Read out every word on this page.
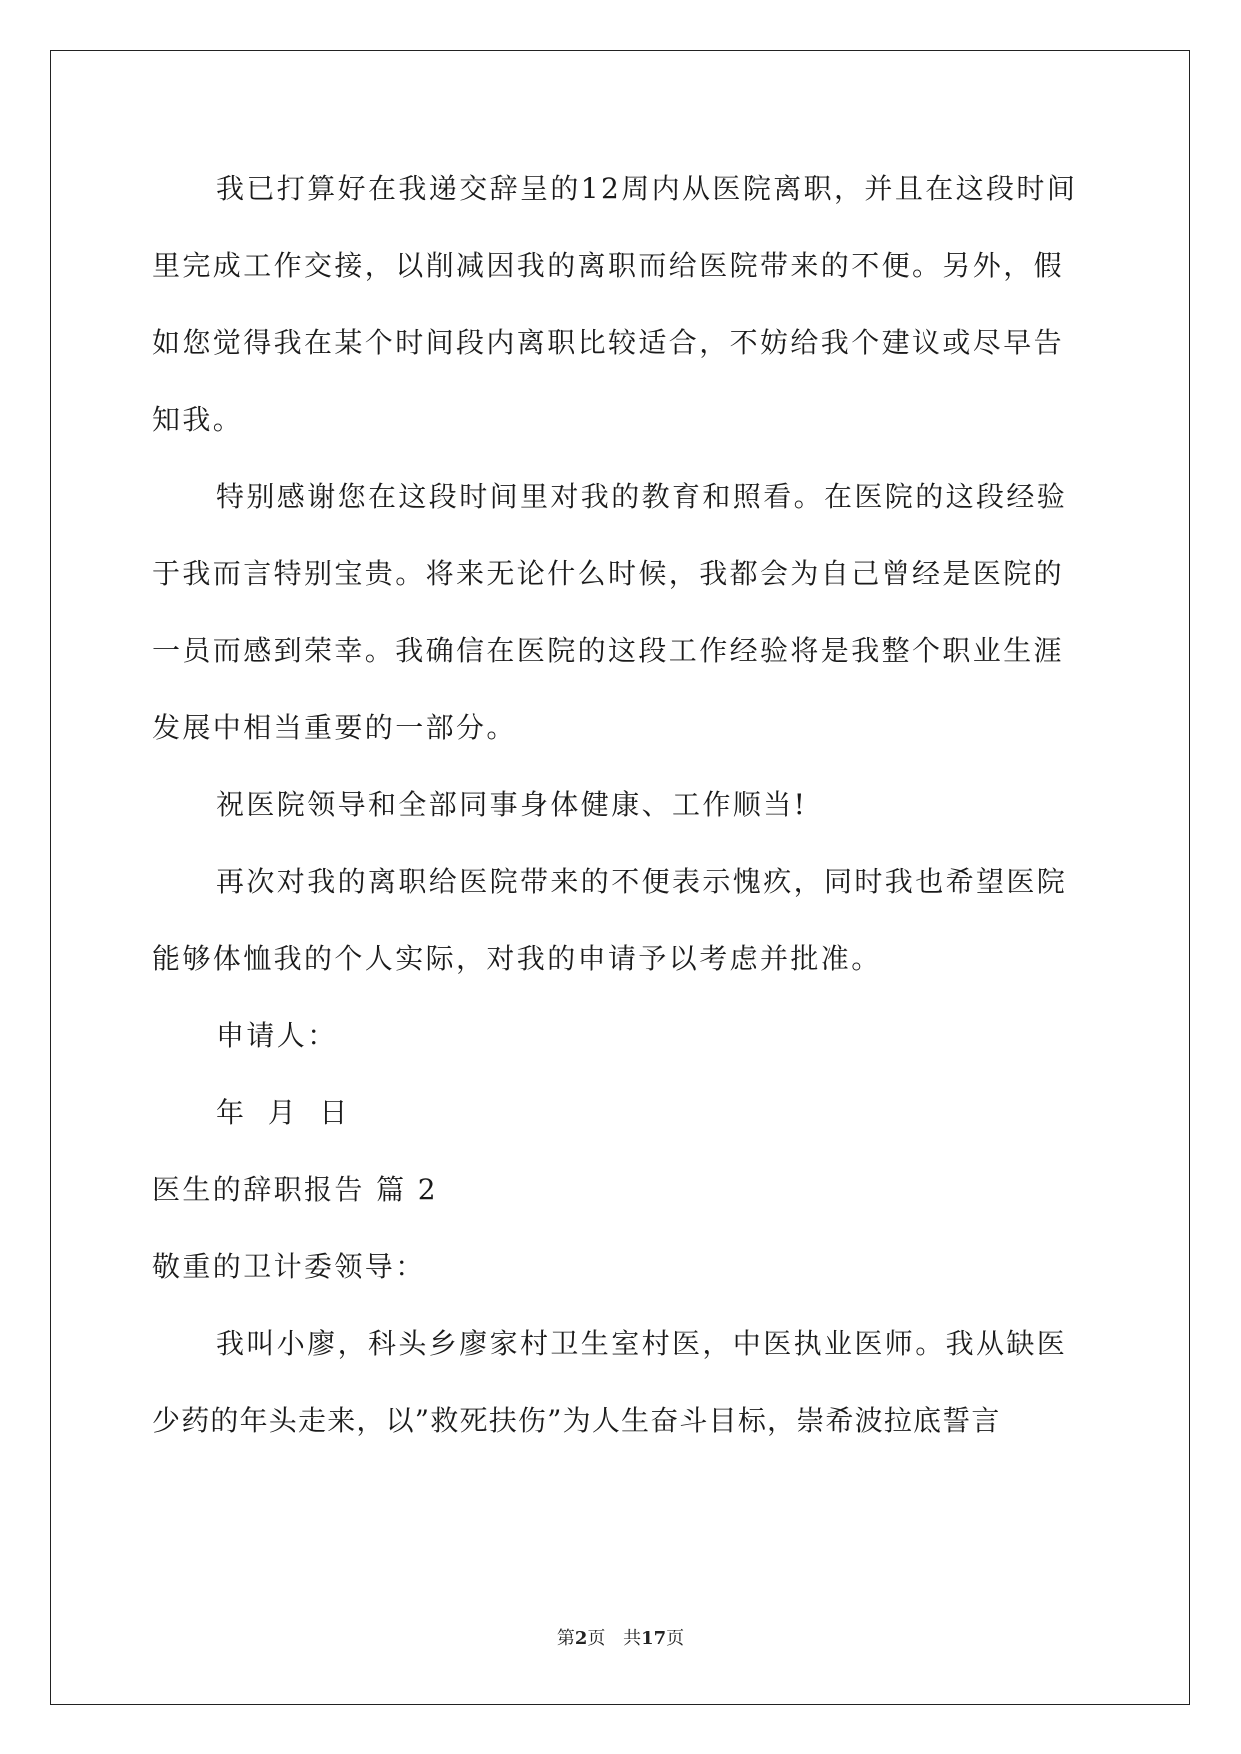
我已打算好在我递交辞呈的12周内从医院离职，并且在这段时间
里完成工作交接，以削减因我的离职而给医院带来的不便。另外，假
如您觉得我在某个时间段内离职比较适合，不妨给我个建议或尽早告
知我。
特别感谢您在这段时间里对我的教育和照看。在医院的这段经验
于我而言特别宝贵。将来无论什么时候，我都会为自己曾经是医院的
一员而感到荣幸。我确信在医院的这段工作经验将是我整个职业生涯
发展中相当重要的一部分。
祝医院领导和全部同事身体健康、工作顺当!
再次对我的离职给医院带来的不便表示愧疚，同时我也希望医院
能够体恤我的个人实际，对我的申请予以考虑并批准。
申请人：
年 月 日
医生的辞职报告 篇 2
敬重的卫计委领导：
我叫小廖，科头乡廖家村卫生室村医，中医执业医师。我从缺医
少药的年头走来，以”救死扶伤”为人生奋斗目标，崇希波拉底誓言
第2页 共17页
